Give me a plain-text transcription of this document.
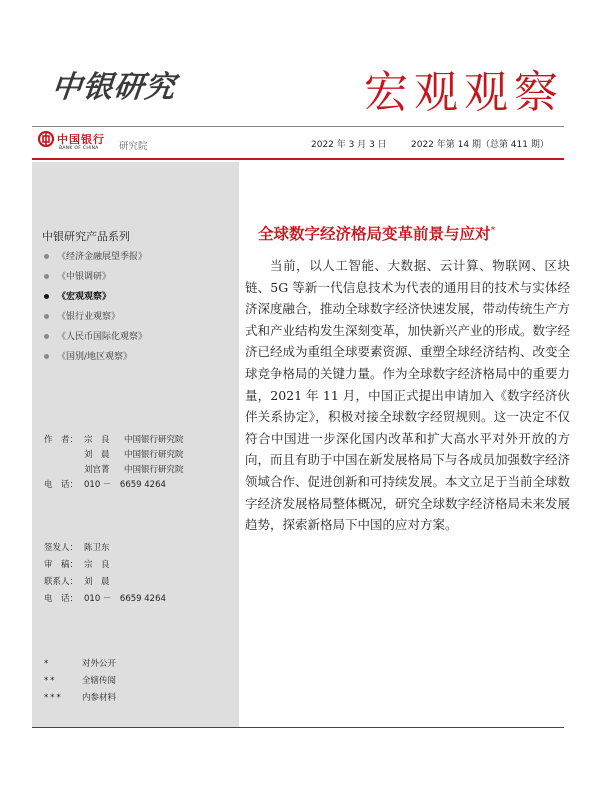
中银研究	宏观观察
中国银行
BANK OF CHINA 研究院	2022 年 3 月 3 日	2022 年第 14 期（总第 411 期）
中银研究产品系列
《经济金融展望季报》
《中银调研》
《宏观观察》
《银行业观察》
《人民币国际化观察》
《国别/地区观察》
作　者： 宗　良 中国银行研究院
刘　晨 中国银行研究院
刘宫菁 中国银行研究院
电　话： 010 －　6659 4264
签发人： 陈卫东
审　稿： 宗　良
联系人： 刘　晨
电　话： 010 －　6659 4264
*	对外公开
**	全辖传阅
*** 内参材料
全球数字经济格局变革前景与应对*

当前，以人工智能、大数据、云计算、物联网、区块链、5G 等新一代信息技术为代表的通用目的技术与实体经济深度融合，推动全球数字经济快速发展，带动传统生产方式和产业结构发生深刻变革，加快新兴产业的形成。数字经济已经成为重组全球要素资源、重塑全球经济结构、改变全球竞争格局的关键力量。作为全球数字经济格局中的重要力量，2021 年 11 月，中国正式提出申请加入《数字经济伙伴关系协定》，积极对接全球数字经贸规则。这一决定不仅符合中国进一步深化国内改革和扩大高水平对外开放的方向，而且有助于中国在新发展格局下与各成员加强数字经济领域合作、促进创新和可持续发展。本文立足于当前全球数字经济发展格局整体概况，研究全球数字经济格局未来发展趋势，探索新格局下中国的应对方案。
